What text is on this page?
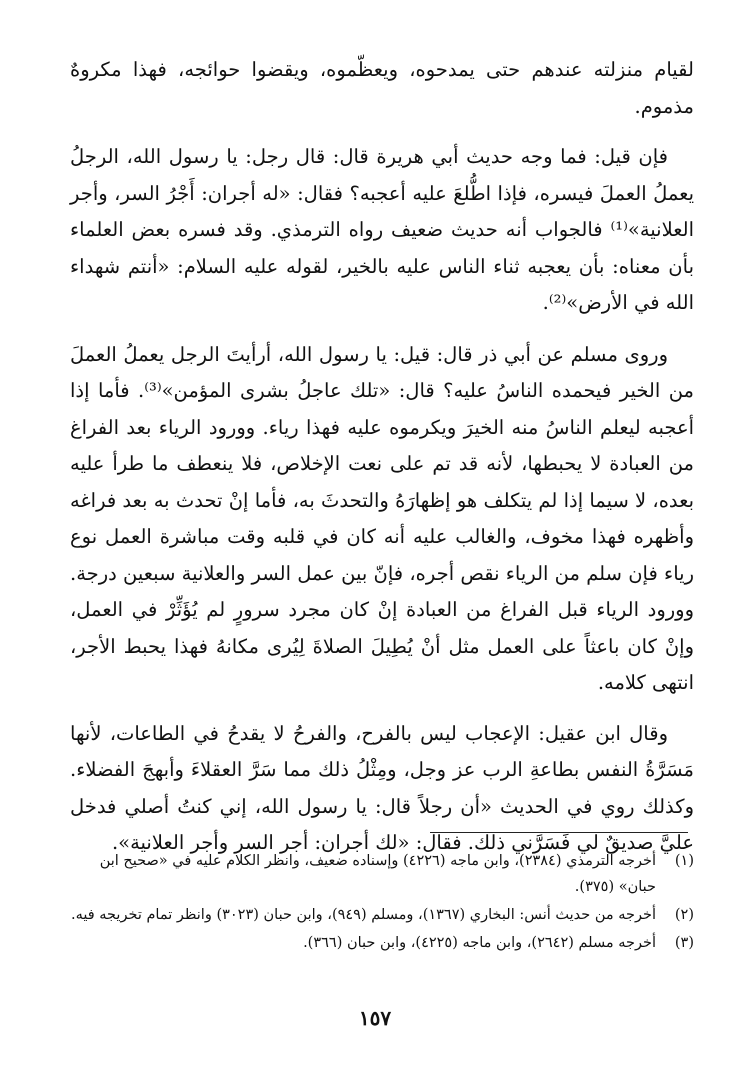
لقيام منزلته عندهم حتى يمدحوه، ويعظّموه، ويقضوا حوائجه، فهذا مكروهٌ مذموم.

فإن قيل: فما وجه حديث أبي هريرة قال: قال رجل: يا رسول الله، الرجلُ يعملُ العملَ فيسره، فإذا اطُّلعَ عليه أعجبه؟ فقال: «له أجران: أَجْرُ السر، وأجر العلانية»⁽¹⁾ فالجواب أنه حديث ضعيف رواه الترمذي. وقد فسره بعض العلماء بأن معناه: بأن يعجبه ثناء الناس عليه بالخير، لقوله عليه السلام: «أنتم شهداء الله في الأرض»⁽²⁾.

وروى مسلم عن أبي ذر قال: قيل: يا رسول الله، أرأيتَ الرجل يعملُ العملَ من الخير فيحمده الناسُ عليه؟ قال: «تلك عاجلُ بشرى المؤمن»⁽³⁾. فأما إذا أعجبه ليعلم الناسُ منه الخيرَ ويكرموه عليه فهذا رياء. وورود الرياء بعد الفراغ من العبادة لا يحبطها، لأنه قد تم على نعت الإخلاص، فلا ينعطف ما طرأ عليه بعده، لا سيما إذا لم يتكلف هو إظهارَهُ والتحدثَ به، فأما إنْ تحدث به بعد فراغه وأظهره فهذا مخوف، والغالب عليه أنه كان في قلبه وقت مباشرة العمل نوع رياء فإن سلم من الرياء نقص أجره، فإنّ بين عمل السر والعلانية سبعين درجة. وورود الرياء قبل الفراغ من العبادة إنْ كان مجرد سرورٍ لم يُؤَثِّرْ في العمل، وإنْ كان باعثاً على العمل مثل أنْ يُطِيلَ الصلاةَ لِيُرى مكانهُ فهذا يحبط الأجر، انتهى كلامه.

وقال ابن عقيل: الإعجاب ليس بالفرح، والفرحُ لا يقدحُ في الطاعات، لأنها مَسَرَّةُ النفس بطاعةِ الرب عز وجل، ومِثْلُ ذلك مما سَرَّ العقلاءَ وأبهجَ الفضلاء. وكذلك روي في الحديث «أن رجلاً قال: يا رسول الله، إني كنتُ أصلي فدخل عليَّ صديقٌ لي فَسَرَّني ذلك. فقال: «لك أجران: أجر السر وأجر العلانية».

(١)
أخرجه الترمذي (٢٣٨٤)، وابن ماجه (٤٢٢٦) وإسناده ضعيف، وانظر الكلام عليه في «صحيح ابن حبان» (٣٧٥).
(٢)
أخرجه من حديث أنس: البخاري (١٣٦٧)، ومسلم (٩٤٩)، وابن حبان (٣٠٢٣) وانظر تمام تخريجه فيه.
(٣)
أخرجه مسلم (٢٦٤٢)، وابن ماجه (٤٢٢٥)، وابن حبان (٣٦٦).
١٥٧
